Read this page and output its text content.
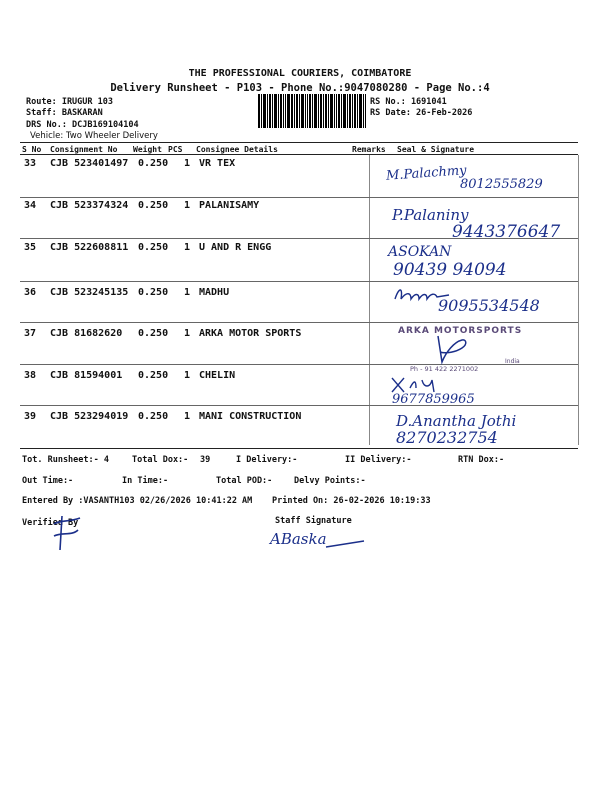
THE PROFESSIONAL COURIERS, COIMBATORE
Delivery Runsheet - P103 - Phone No.:9047080280 - Page No.:4
Route: IRUGUR 103
Staff: BASKARAN
DRS No.: DCJB169104104
Vehicle: Two Wheeler Delivery
RS No.: 1691041
RS Date: 26-Feb-2026
S No Consignment No Weight PCS Consignee Details	Remarks Seal & Signature
33 CJB 523401497 0.250 1 VR TEX
34 CJB 523374324 0.250 1 PALANISAMY
35 CJB 522608811 0.250 1 U AND R ENGG
36 CJB 523245135 0.250 1 MADHU
37 CJB 81682620 0.250 1 ARKA MOTOR SPORTS
38 CJB 81594001 0.250 1 CHELIN
39 CJB 523294019 0.250 1 MANI CONSTRUCTION
M.Palachmy
8012555829
P.Palaniny
9443376647
ASOKAN
90439 94094
9095534548
ARKA MOTORSPORTS
India
Ph - 91 422 2271002
9677859965
D.Anantha Jothi
8270232754
Tot. Runsheet:- 4	Total Dox:- 39	I Delivery:-	II Delivery:-	RTN Dox:-
Out Time:-	In Time:-	Total POD:-	Delvy Points:-
Entered By :VASANTH103 02/26/2026 10:41:22 AM Printed On: 26-02-2026 10:19:33
Verified By	Staff Signature
ABaska
